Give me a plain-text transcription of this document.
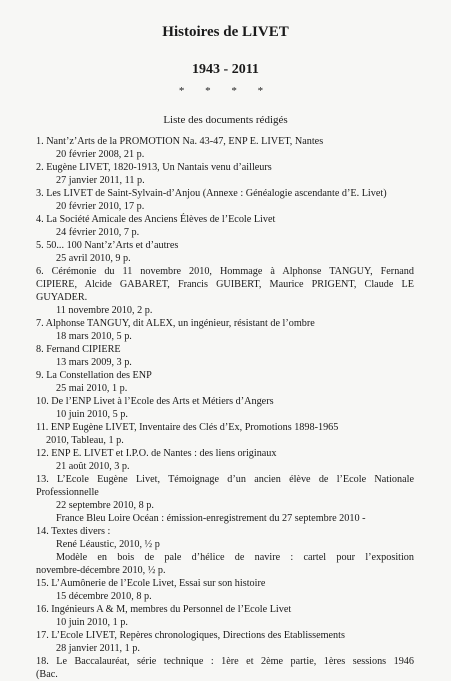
Histoires de LIVET
1943 - 2011
* * * *
Liste des documents rédigés
1. Nant’z’Arts de la PROMOTION Na. 43-47, ENP E. LIVET, Nantes
20 février 2008, 21 p.
2. Eugène LIVET, 1820-1913, Un Nantais venu d’ailleurs
27 janvier 2011, 11 p.
3. Les LIVET de Saint-Sylvain-d’Anjou (Annexe : Généalogie ascendante d’E. Livet)
20 février 2010, 17 p.
4. La Société Amicale des Anciens Élèves de l’Ecole Livet
24 février 2010, 7 p.
5. 50... 100 Nant’z’Arts et d’autres
25 avril 2010, 9 p.
6. Cérémonie du 11 novembre 2010, Hommage à Alphonse TANGUY, Fernand
CIPIERE, Alcide GABARET, Francis GUIBERT, Maurice PRIGENT, Claude LE
GUYADER.
11 novembre 2010, 2 p.
7. Alphonse TANGUY, dit ALEX, un ingénieur, résistant de l’ombre
18 mars 2010, 5 p.
8. Fernand CIPIERE
13 mars 2009, 3 p.
9. La Constellation des ENP
25 mai 2010, 1 p.
10. De l’ENP Livet à l’Ecole des Arts et Métiers d’Angers
10 juin 2010, 5 p.
11. ENP Eugène LIVET, Inventaire des Clés d’Ex, Promotions 1898-1965
2010, Tableau, 1 p.
12. ENP E. LIVET et I.P.O. de Nantes : des liens originaux
21 août 2010, 3 p.
13. L’Ecole Eugène Livet, Témoignage d’un ancien élève de l’Ecole Nationale
Professionnelle
22 septembre 2010, 8 p.
France Bleu Loire Océan : émission-enregistrement du 27 septembre 2010 -
14. Textes divers :
René Léaustic, 2010, ½ p
Modèle en bois de pale d’hélice de navire : cartel pour l’exposition
novembre-décembre 2010, ½ p.
15. L’Aumônerie de l’Ecole Livet, Essai sur son histoire
15 décembre 2010, 8 p.
16. Ingénieurs A & M, membres du Personnel de l’Ecole Livet
10 juin 2010, 1 p.
17. L’Ecole LIVET, Repères chronologiques, Directions des Etablissements
28 janvier 2011, 1 p.
18. Le Baccalauréat, série technique : 1ère et 2ème partie, 1ères sessions 1946
(Bac.
